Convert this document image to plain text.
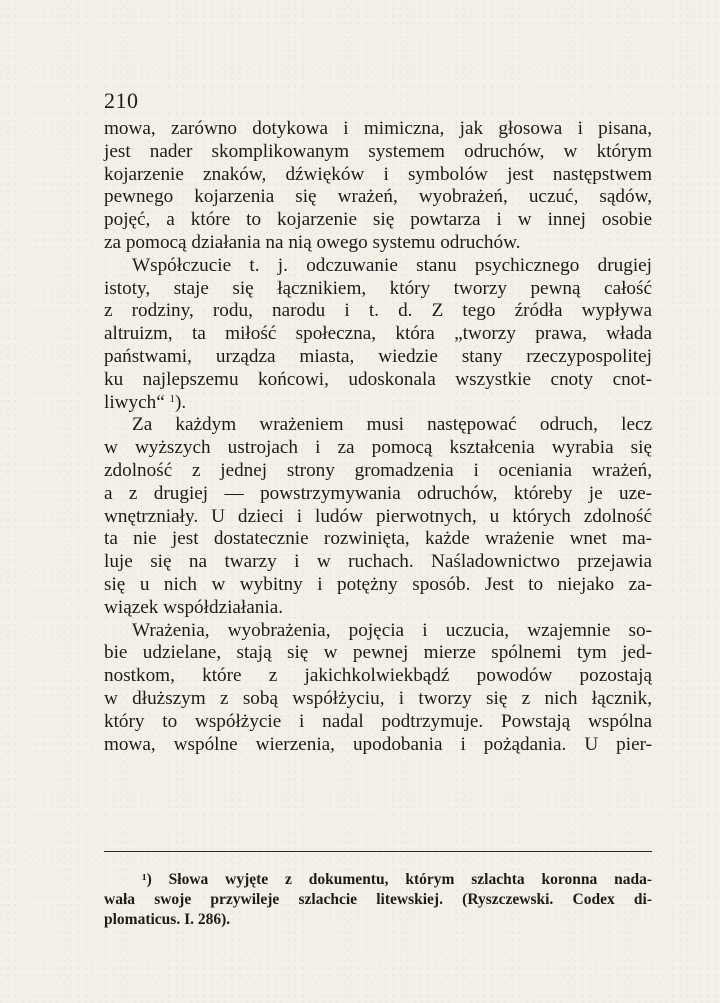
210
mowa, zarówno dotykowa i mimiczna, jak głosowa i pisana,
jest nader skomplikowanym systemem odruchów, w którym
kojarzenie znaków, dźwięków i symbolów jest następstwem
pewnego kojarzenia się wrażeń, wyobrażeń, uczuć, sądów,
pojęć, a które to kojarzenie się powtarza i w innej osobie
za pomocą działania na nią owego systemu odruchów.
Współczucie t. j. odczuwanie stanu psychicznego drugiej
istoty, staje się łącznikiem, który tworzy pewną całość
z rodziny, rodu, narodu i t. d. Z tego źródła wypływa
altruizm, ta miłość społeczna, która „tworzy prawa, włada
państwami, urządza miasta, wiedzie stany rzeczypospolitej
ku najlepszemu końcowi, udoskonala wszystkie cnoty cnot-
liwych“ $^1$).
Za każdym wrażeniem musi następować odruch, lecz
w wyższych ustrojach i za pomocą kształcenia wyrabia się
zdolność z jednej strony gromadzenia i oceniania wrażeń,
a z drugiej — powstrzymywania odruchów, któreby je uze-
wnętrzniały. U dzieci i ludów pierwotnych, u których zdolność
ta nie jest dostatecznie rozwinięta, każde wrażenie wnet ma-
luje się na twarzy i w ruchach. Naśladownictwo przejawia
się u nich w wybitny i potężny sposób. Jest to niejako za-
wiązek współdziałania.
Wrażenia, wyobrażenia, pojęcia i uczucia, wzajemnie so-
bie udzielane, stają się w pewnej mierze spólnemi tym jed-
nostkom, które z jakichkolwiekbądź powodów pozostają
w dłuższym z sobą współżyciu, i tworzy się z nich łącznik,
który to współżycie i nadal podtrzymuje. Powstają wspólna
mowa, wspólne wierzenia, upodobania i pożądania. U pier-
¹) Słowa wyjęte z dokumentu, którym szlachta koronna nada-
wała swoje przywileje szlachcie litewskiej. (Ryszczewski. Codex di-
plomaticus. I. 286).
